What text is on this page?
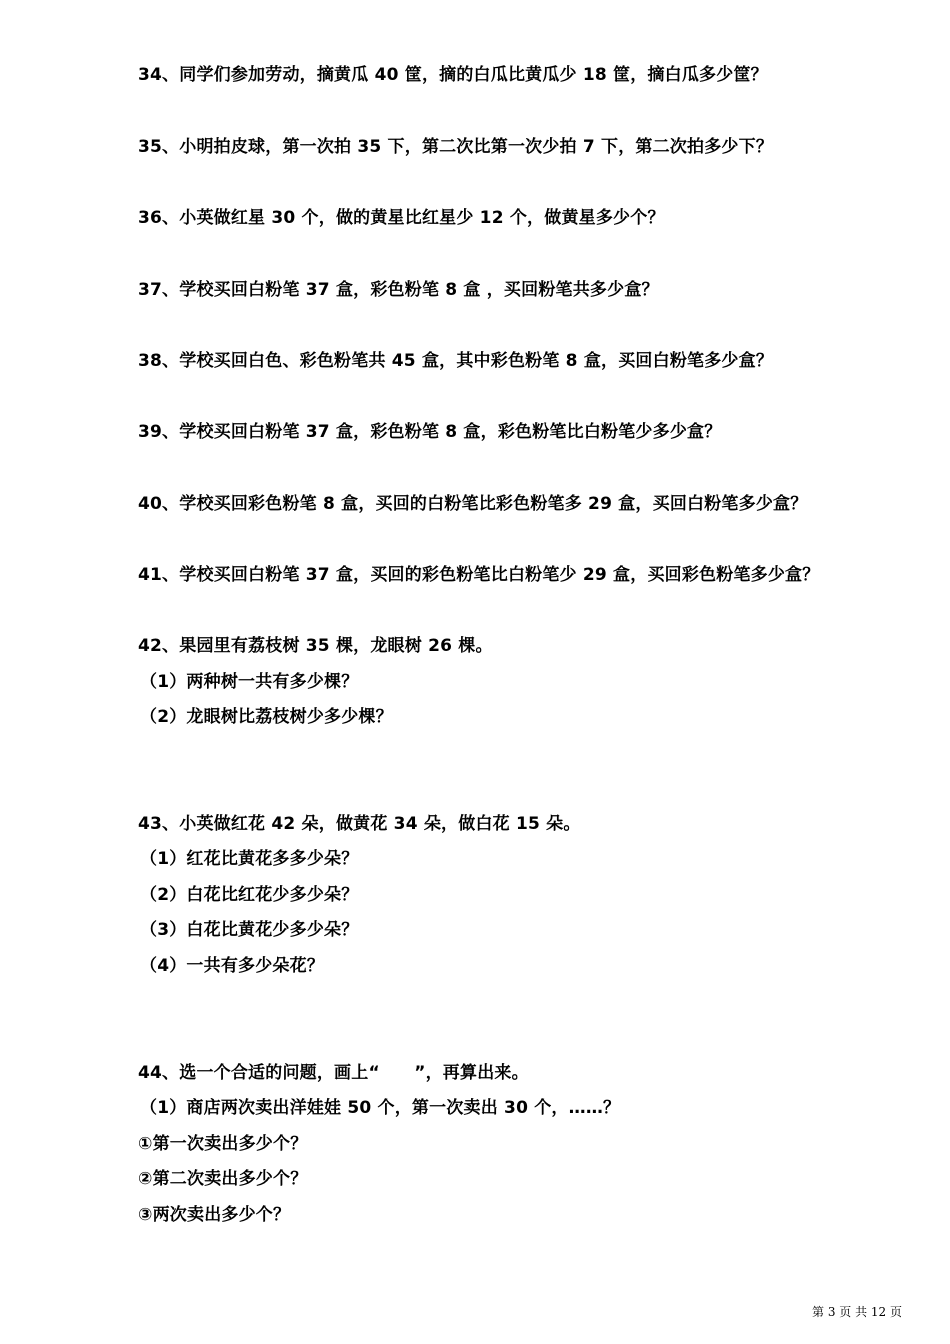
34、同学们参加劳动，摘黄瓜 40 筐，摘的白瓜比黄瓜少 18 筐，摘白瓜多少筐？
35、小明拍皮球，第一次拍 35 下，第二次比第一次少拍 7 下，第二次拍多少下？
36、小英做红星 30 个，做的黄星比红星少 12 个，做黄星多少个？
37、学校买回白粉笔 37 盒，彩色粉笔 8 盒 ，买回粉笔共多少盒？
38、学校买回白色、彩色粉笔共 45 盒，其中彩色粉笔 8 盒，买回白粉笔多少盒？
39、学校买回白粉笔 37 盒，彩色粉笔 8 盒，彩色粉笔比白粉笔少多少盒？
40、学校买回彩色粉笔 8 盒，买回的白粉笔比彩色粉笔多 29 盒，买回白粉笔多少盒？
41、学校买回白粉笔 37 盒，买回的彩色粉笔比白粉笔少 29 盒，买回彩色粉笔多少盒？
42、果园里有荔枝树 35 棵，龙眼树 26 棵。
（1）两种树一共有多少棵？
（2）龙眼树比荔枝树少多少棵？
43、小英做红花 42 朵，做黄花 34 朵，做白花 15 朵。
（1）红花比黄花多多少朵？
（2）白花比红花少多少朵？
（3）白花比黄花少多少朵？
（4）一共有多少朵花？
44、选一个合适的问题，画上“　　”，再算出来。
（1）商店两次卖出洋娃娃 50 个，第一次卖出 30 个，……？
①第一次卖出多少个？
②第二次卖出多少个？
③两次卖出多少个？
第 3 页 共 12 页
